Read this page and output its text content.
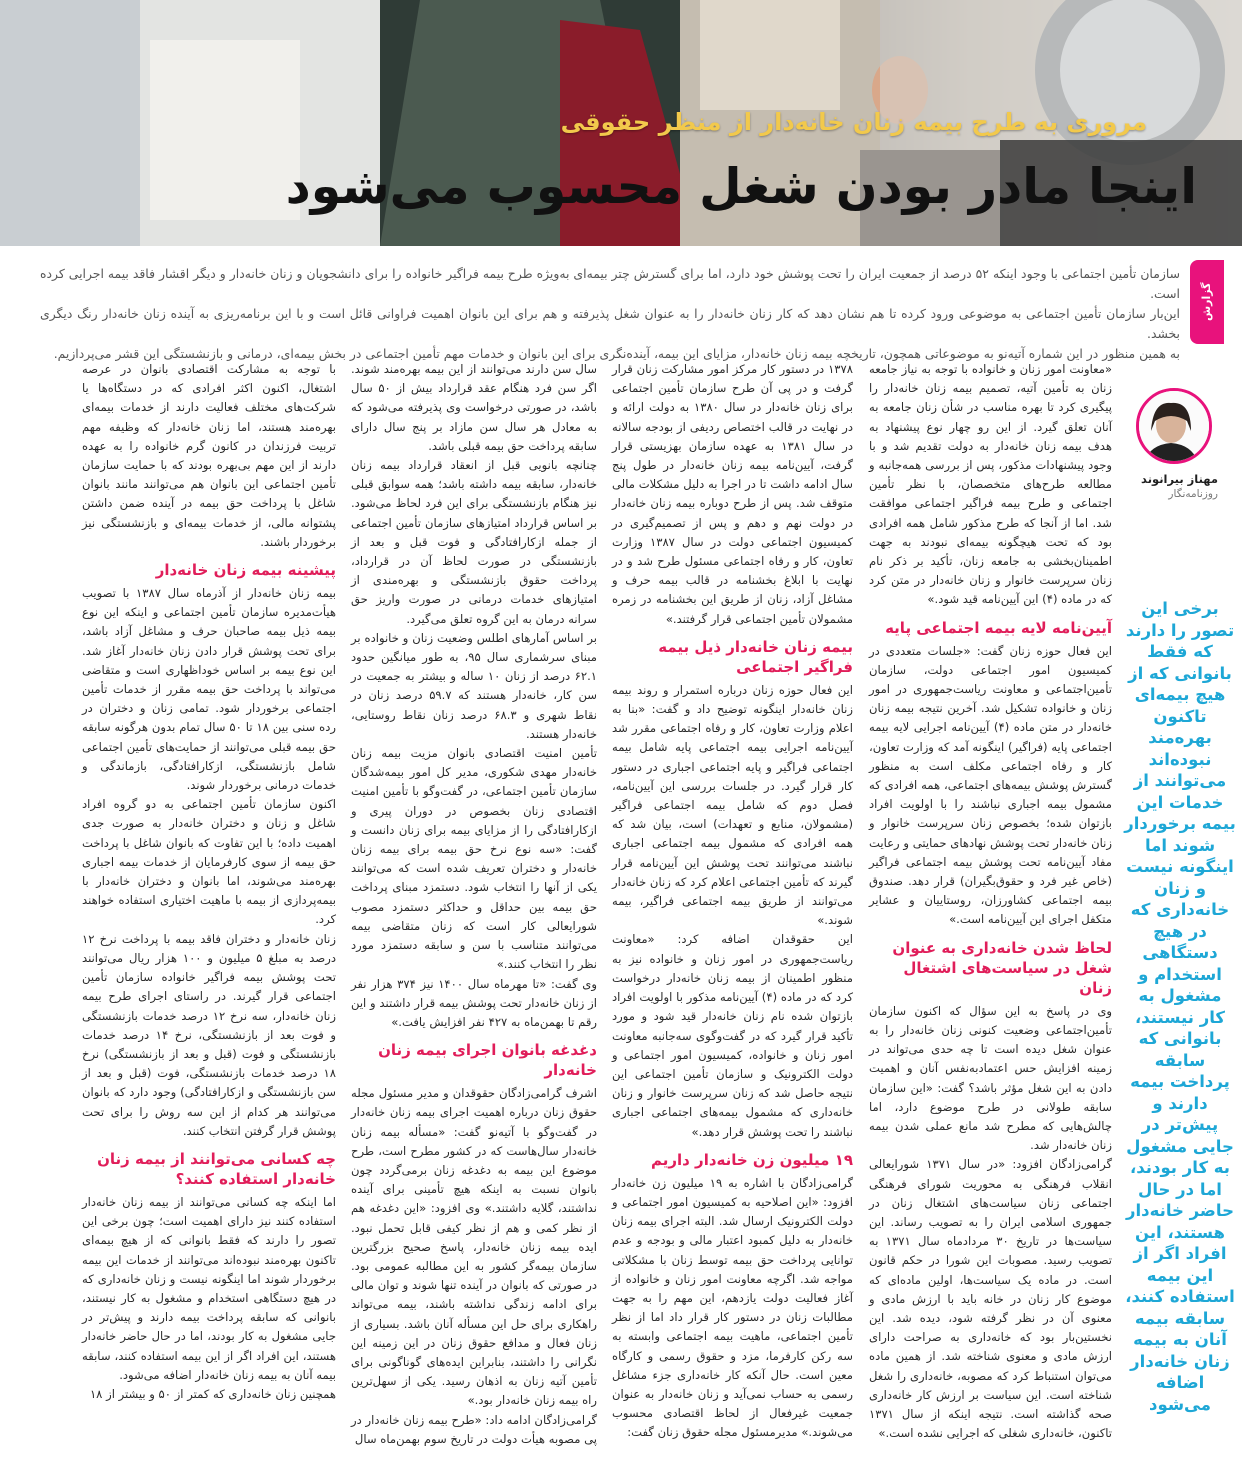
مروری به طرح بیمه زنان خانه‌دار از منظر حقوقی
اینجا مادر بودن شغل محسوب می‌شود
گزارش

سازمان تأمین اجتماعی با وجود اینکه ۵۲ درصد از جمعیت ایران را تحت پوشش خود دارد، اما برای گسترش چتر بیمه‌ای به‌ویژه طرح بیمه فراگیر خانواده را برای دانشجویان و زنان خانه‌دار و دیگر اقشار فاقد بیمه اجرایی کرده است.

این‌بار سازمان تأمین اجتماعی به موضوعی ورود کرده تا هم نشان دهد که کار زنان خانه‌دار را به عنوان شغل پذیرفته و هم برای این بانوان اهمیت فراوانی قائل است و با این برنامه‌ریزی به آینده زنان خانه‌دار رنگ دیگری بخشد.

به همین منظور در این شماره آتیه‌نو به موضوعاتی همچون، تاریخچه بیمه زنان خانه‌دار، مزایای این بیمه، آینده‌نگری برای این بانوان و خدمات مهم تأمین اجتماعی در بخش بیمه‌ای، درمانی و بازنشستگی این قشر می‌پردازیم.

مهناز بیرانوند
روزنامه‌نگار
برخی این تصور را دارند که فقط بانوانی که از هیچ بیمه‌ای تاکنون بهره‌مند نبوده‌اند می‌توانند از خدمات این بیمه برخوردار شوند اما اینگونه نیست و زنان خانه‌داری که در هیچ دستگاهی استخدام و مشغول به کار نیستند، بانوانی که سابقه پرداخت بیمه دارند و پیش‌تر در جایی مشغول به کار بودند، اما در حال حاضر خانه‌دار هستند، این افراد اگر از این بیمه استفاده کنند، سابقه بیمه آنان به بیمه زنان خانه‌دار اضافه می‌شود

با توجه به مشارکت اقتصادی بانوان در عرصه اشتغال، اکنون اکثر افرادی که در دستگاه‌ها یا شرکت‌های مختلف فعالیت دارند از خدمات بیمه‌ای بهره‌مند هستند، اما زنان خانه‌دار که وظیفه مهم تربیت فرزندان در کانون گرم خانواده را به عهده دارند از این مهم بی‌بهره بودند که با حمایت سازمان تأمین اجتماعی این بانوان هم می‌توانند مانند بانوان شاغل با پرداخت حق بیمه در آینده ضمن داشتن پشتوانه مالی، از خدمات بیمه‌ای و بازنشستگی نیز برخوردار باشند.

پیشینه بیمه زنان خانه‌دار

بیمه زنان خانه‌دار از آذرماه سال ۱۳۸۷ با تصویب هیأت‌مدیره سازمان تأمین اجتماعی و اینکه این نوع بیمه ذیل بیمه صاحبان حرف و مشاغل آزاد باشد، برای تحت پوشش قرار دادن زنان خانه‌دار آغاز شد. این نوع بیمه بر اساس خوداظهاری است و متقاضی می‌تواند با پرداخت حق بیمه مقرر از خدمات تأمین اجتماعی برخوردار شود. تمامی زنان و دختران در رده سنی بین ۱۸ تا ۵۰ سال تمام بدون هرگونه سابقه حق بیمه قبلی می‌توانند از حمایت‌های تأمین اجتماعی شامل بازنشستگی، ازکارافتادگی، بازماندگی و خدمات درمانی برخوردار شوند.

اکنون سازمان تأمین اجتماعی به دو گروه افراد شاغل و زنان و دختران خانه‌دار به صورت جدی اهمیت داده؛ با این تفاوت که بانوان شاغل با پرداخت حق بیمه از سوی کارفرمایان از خدمات بیمه اجباری بهره‌مند می‌شوند، اما بانوان و دختران خانه‌دار با بیمه‌پردازی از بیمه با ماهیت اختیاری استفاده خواهند کرد.

زنان خانه‌دار و دختران فاقد بیمه با پرداخت نرخ ۱۲ درصد به مبلغ ۵ میلیون و ۱۰۰ هزار ریال می‌توانند تحت پوشش بیمه فراگیر خانواده سازمان تأمین اجتماعی قرار گیرند. در راستای اجرای طرح بیمه زنان خانه‌دار، سه نرخ ۱۲ درصد خدمات بازنشستگی و فوت بعد از بازنشستگی، نرخ ۱۴ درصد خدمات بازنشستگی و فوت (قبل و بعد از بازنشستگی) نرخ ۱۸ درصد خدمات بازنشستگی، فوت (قبل و بعد از سن بازنشستگی و ازکارافتادگی) وجود دارد که بانوان می‌توانند هر کدام از این سه روش را برای تحت پوشش قرار گرفتن انتخاب کنند.

چه کسانی می‌توانند از بیمه زنان خانه‌دار استفاده کنند؟

اما اینکه چه کسانی می‌توانند از بیمه زنان خانه‌دار استفاده کنند نیز دارای اهمیت است؛ چون برخی این تصور را دارند که فقط بانوانی که از هیچ بیمه‌ای تاکنون بهره‌مند نبوده‌اند می‌توانند از خدمات این بیمه برخوردار شوند اما اینگونه نیست و زنان خانه‌داری که در هیچ دستگاهی استخدام و مشغول به کار نیستند، بانوانی که سابقه پرداخت بیمه دارند و پیش‌تر در جایی مشغول به کار بودند، اما در حال حاضر خانه‌دار هستند، این افراد اگر از این بیمه استفاده کنند، سابقه بیمه آنان به بیمه زنان خانه‌دار اضافه می‌شود.

همچنین زنان خانه‌داری که کمتر از ۵۰ و بیشتر از ۱۸

سال سن دارند می‌توانند از این بیمه بهره‌مند شوند. اگر سن فرد هنگام عقد قرارداد بیش از ۵۰ سال باشد، در صورتی درخواست وی پذیرفته می‌شود که به معادل هر سال سن مازاد بر پنج سال دارای سابقه پرداخت حق بیمه قبلی باشد.

چنانچه بانویی قبل از انعقاد قرارداد بیمه زنان خانه‌دار، سابقه بیمه داشته باشد؛ همه سوابق قبلی نیز هنگام بازنشستگی برای این فرد لحاظ می‌شود. بر اساس قرارداد امتیازهای سازمان تأمین اجتماعی از جمله ازکارافتادگی و فوت قبل و بعد از بازنشستگی در صورت لحاظ آن در قرارداد، پرداخت حقوق بازنشستگی و بهره‌مندی از امتیازهای خدمات درمانی در صورت واریز حق سرانه درمان به این گروه تعلق می‌گیرد.

بر اساس آمارهای اطلس وضعیت زنان و خانواده بر مبنای سرشماری سال ۹۵، به طور میانگین حدود ۶۲.۱ درصد از زنان ۱۰ ساله و بیشتر به جمعیت در سن کار، خانه‌دار هستند که ۵۹.۷ درصد زنان در نقاط شهری و ۶۸.۳ درصد زنان نقاط روستایی، خانه‌دار هستند.

تأمین امنیت اقتصادی بانوان مزیت بیمه زنان خانه‌دار مهدی شکوری، مدیر کل امور بیمه‌شدگان سازمان تأمین اجتماعی، در گفت‌وگو با تأمین امنیت اقتصادی زنان بخصوص در دوران پیری و ازکارافتادگی را از مزایای بیمه برای زنان دانست و گفت: «سه نوع نرخ حق بیمه برای بیمه زنان خانه‌دار و دختران تعریف شده است که می‌توانند یکی از آنها را انتخاب شود. دستمزد مبنای پرداخت حق بیمه بین حداقل و حداکثر دستمزد مصوب شورایعالی کار است که زنان متقاضی بیمه می‌توانند متناسب با سن و سابقه دستمزد مورد نظر را انتخاب کنند.»

وی گفت: «تا مهرماه سال ۱۴۰۰ نیز ۳۷۴ هزار نفر از زنان خانه‌دار تحت پوشش بیمه قرار داشتند و این رقم تا بهمن‌ماه به ۴۲۷ نفر افزایش یافت.»

دغدغه بانوان اجرای بیمه زنان خانه‌دار

اشرف گرامی‌زادگان حقوقدان و مدیر مسئول مجله حقوق زنان درباره اهمیت اجرای بیمه زنان خانه‌دار در گفت‌وگو با آتیه‌نو گفت: «مسأله بیمه زنان خانه‌دار سال‌هاست که در کشور مطرح است، طرح موضوع این بیمه به دغدغه زنان برمی‌گردد چون بانوان نسبت به اینکه هیچ تأمینی برای آینده نداشتند، گلایه داشتند.» وی افزود: «این دغدغه هم از نظر کمی و هم از نظر کیفی قابل تحمل نبود. ایده بیمه زنان خانه‌دار، پاسخ صحیح بزرگترین سازمان بیمه‌گر کشور به این مطالبه عمومی بود. در صورتی که بانوان در آینده تنها شوند و توان مالی برای ادامه زندگی نداشته باشند، بیمه می‌تواند راهکاری برای حل این مسأله آنان باشد. بسیاری از زنان فعال و مدافع حقوق زنان در این زمینه این نگرانی را داشتند، بنابراین ایده‌های گوناگونی برای تأمین آتیه زنان به اذهان رسید. یکی از سهل‌ترین راه بیمه زنان خانه‌دار بود.»

گرامی‌زادگان ادامه داد: «طرح بیمه زنان خانه‌دار در پی مصوبه هیأت دولت در تاریخ سوم بهمن‌ماه سال

۱۳۷۸ در دستور کار مرکز امور مشارکت زنان قرار گرفت و در پی آن طرح سازمان تأمین اجتماعی برای زنان خانه‌دار در سال ۱۳۸۰ به دولت ارائه و در نهایت در قالب اختصاص ردیفی از بودجه سالانه در سال ۱۳۸۱ به عهده سازمان بهزیستی قرار گرفت، آیین‌نامه بیمه زنان خانه‌دار در طول پنج سال ادامه داشت تا در اجرا به دلیل مشکلات مالی متوقف شد. پس از طرح دوباره بیمه زنان خانه‌دار در دولت نهم و دهم و پس از تصمیم‌گیری در کمیسیون اجتماعی دولت در سال ۱۳۸۷ وزارت تعاون، کار و رفاه اجتماعی مسئول طرح شد و در نهایت با ابلاغ بخشنامه در قالب بیمه حرف و مشاغل آزاد، زنان از طریق این بخشنامه در زمره مشمولان تأمین اجتماعی قرار گرفتند.»

بیمه زنان خانه‌دار ذیل بیمه فراگیر اجتماعی

این فعال حوزه زنان درباره استمرار و روند بیمه زنان خانه‌دار اینگونه توضیح داد و گفت: «بنا به اعلام وزارت تعاون، کار و رفاه اجتماعی مقرر شد آیین‌نامه اجرایی بیمه اجتماعی پایه شامل بیمه اجتماعی فراگیر و پایه اجتماعی اجباری در دستور کار قرار گیرد. در جلسات بررسی این آیین‌نامه، فصل دوم که شامل بیمه اجتماعی فراگیر (مشمولان، منابع و تعهدات) است، بیان شد که همه افرادی که مشمول بیمه اجتماعی اجباری نباشند می‌توانند تحت پوشش این آیین‌نامه قرار گیرند که تأمین اجتماعی اعلام کرد که زنان خانه‌دار می‌توانند از طریق بیمه اجتماعی فراگیر، بیمه شوند.»

این حقوقدان اضافه کرد: «معاونت ریاست‌جمهوری در امور زنان و خانواده نیز به منظور اطمینان از بیمه زنان خانه‌دار درخواست کرد که در ماده (۴) آیین‌نامه مذکور با اولویت افراد بازتوان شده نام زنان خانه‌دار قید شود و مورد تأکید قرار گیرد که در گفت‌وگوی سه‌جانبه معاونت امور زنان و خانواده، کمیسیون امور اجتماعی و دولت الکترونیک و سازمان تأمین اجتماعی این نتیجه حاصل شد که زنان سرپرست خانوار و زنان خانه‌داری که مشمول بیمه‌های اجتماعی اجباری نباشند را تحت پوشش قرار دهد.»

۱۹ میلیون زن خانه‌دار داریم

گرامی‌زادگان با اشاره به ۱۹ میلیون زن خانه‌دار افزود: «این اصلاحیه به کمیسیون امور اجتماعی و دولت الکترونیک ارسال شد. البته اجرای بیمه زنان خانه‌دار به دلیل کمبود اعتبار مالی و بودجه و عدم توانایی پرداخت حق بیمه توسط زنان با مشکلاتی مواجه شد. اگرچه معاونت امور زنان و خانواده از آغاز فعالیت دولت یازدهم، این مهم را به جهت مطالبات زنان در دستور کار قرار داد اما از نظر تأمین اجتماعی، ماهیت بیمه اجتماعی وابسته به سه رکن کارفرما، مزد و حقوق رسمی و کارگاه معین است. حال آنکه کار خانه‌داری جزء مشاغل رسمی به حساب نمی‌آید و زنان خانه‌دار به عنوان جمعیت غیرفعال از لحاظ اقتصادی محسوب می‌شوند.» مدیرمسئول مجله حقوق زنان گفت:

«معاونت امور زنان و خانواده با توجه به نیاز جامعه زنان به تأمین آتیه، تصمیم بیمه زنان خانه‌دار را پیگیری کرد تا بهره مناسب در شأن زنان جامعه به آنان تعلق گیرد. از این رو چهار نوع پیشنهاد به هدف بیمه زنان خانه‌دار به دولت تقدیم شد و با وجود پیشنهادات مذکور، پس از بررسی همه‌جانبه و مطالعه طرح‌های متخصصان، با نظر تأمین اجتماعی و طرح بیمه فراگیر اجتماعی موافقت شد. اما از آنجا که طرح مذکور شامل همه افرادی بود که تحت هیچگونه بیمه‌ای نبودند به جهت اطمینان‌بخشی به جامعه زنان، تأکید بر ذکر نام زنان سرپرست خانوار و زنان خانه‌دار در متن کرد که در ماده (۴) این آیین‌نامه قید شود.»

آیین‌نامه لایه بیمه اجتماعی پایه

این فعال حوزه زنان گفت: «جلسات متعددی در کمیسیون امور اجتماعی دولت، سازمان تأمین‌اجتماعی و معاونت ریاست‌جمهوری در امور زنان و خانواده تشکیل شد. آخرین نتیجه بیمه زنان خانه‌دار در متن ماده (۴) آیین‌نامه اجرایی لایه بیمه اجتماعی پایه (فراگیر) اینگونه آمد که وزارت تعاون، کار و رفاه اجتماعی مکلف است به منظور گسترش پوشش بیمه‌های اجتماعی، همه افرادی که مشمول بیمه اجباری نباشند را با اولویت افراد بازتوان شده؛ بخصوص زنان سرپرست خانوار و زنان خانه‌دار تحت پوشش نهادهای حمایتی و رعایت مفاد آیین‌نامه تحت پوشش بیمه اجتماعی فراگیر (خاص غیر فرد و حقوق‌بگیران) قرار دهد. صندوق بیمه اجتماعی کشاورزان، روستاییان و عشایر متکفل اجرای این آیین‌نامه است.»

لحاظ شدن خانه‌داری به عنوان شغل در سیاست‌های اشتغال زنان

وی در پاسخ به این سؤال که اکنون سازمان تأمین‌اجتماعی وضعیت کنونی زنان خانه‌دار را به عنوان شغل دیده است تا چه حدی می‌تواند در زمینه افزایش حس اعتمادبه‌نفس آنان و اهمیت دادن به این شغل مؤثر باشد؟ گفت: «این سازمان سابقه طولانی در طرح موضوع دارد، اما چالش‌هایی که مطرح شد مانع عملی شدن بیمه زنان خانه‌دار شد.

گرامی‌زادگان افزود: «در سال ۱۳۷۱ شورایعالی انقلاب فرهنگی به محوریت شورای فرهنگی اجتماعی زنان سیاست‌های اشتغال زنان در جمهوری اسلامی ایران را به تصویب رساند. این سیاست‌ها در تاریخ ۳۰ مردادماه سال ۱۳۷۱ به تصویب رسید. مصوبات این شورا در حکم قانون است. در ماده یک سیاست‌ها، اولین ماده‌ای که موضوع کار زنان در خانه باید با ارزش مادی و معنوی آن در نظر گرفته شود، دیده شد. این نخستین‌بار بود که خانه‌داری به صراحت دارای ارزش مادی و معنوی شناخته شد. از همین ماده می‌توان استنباط کرد که مصوبه، خانه‌داری را شغل شناخته است. این سیاست بر ارزش کار خانه‌داری صحه گذاشته است. نتیجه اینکه از سال ۱۳۷۱ تاکنون، خانه‌داری شغلی که اجرایی نشده است.»
